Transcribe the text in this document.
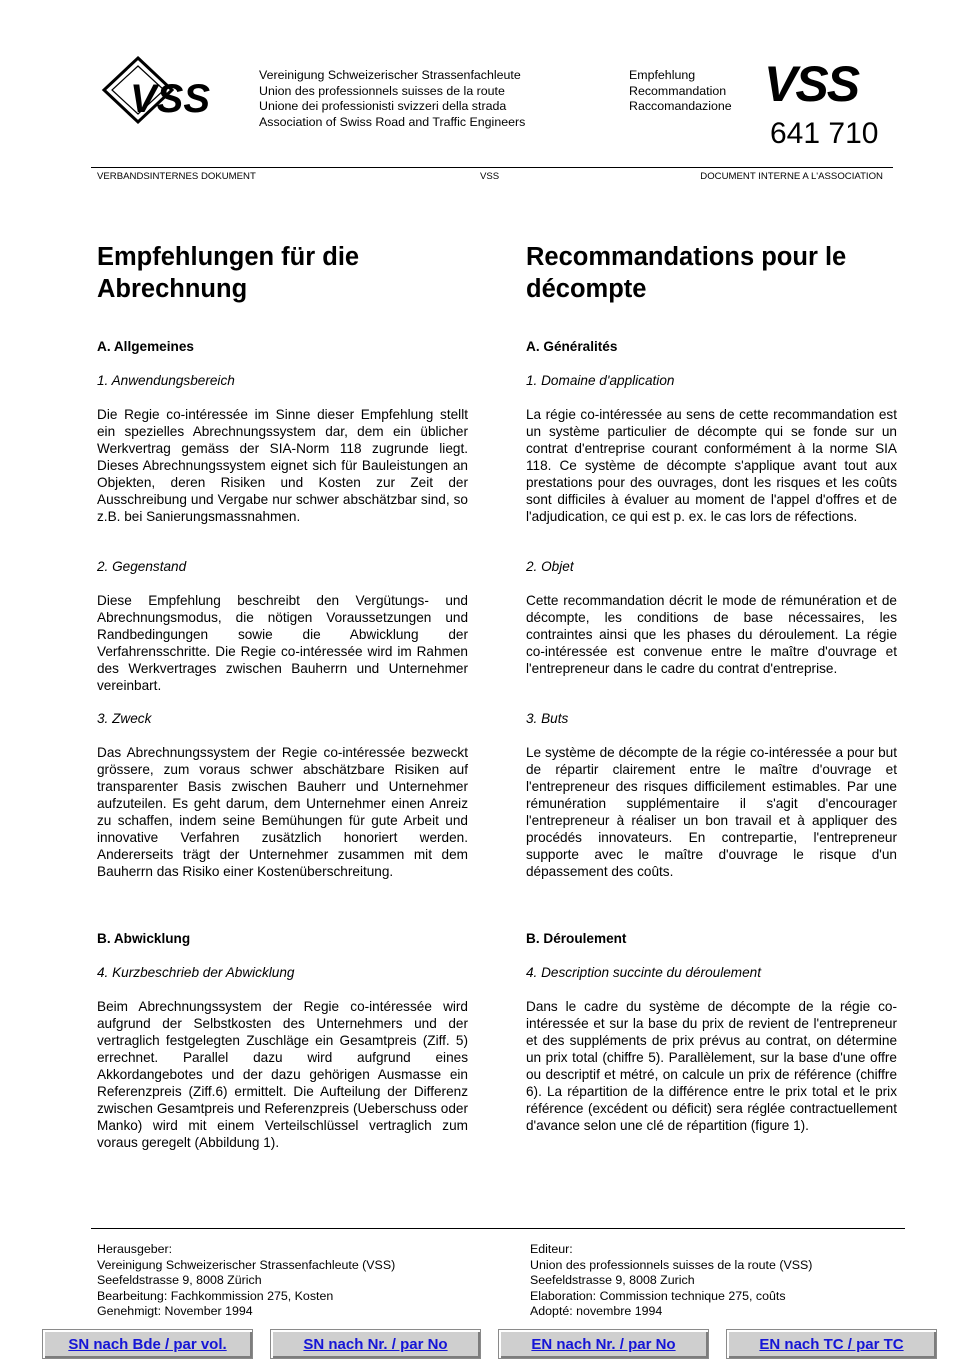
VSS
Vereinigung Schweizerischer Strassenfachleute
Union des professionnels suisses de la route
Unione dei professionisti svizzeri della strada
Association of Swiss Road and Traffic Engineers
Empfehlung
Recommandation
Raccomandazione VSS
641 710
VERBANDSINTERNES DOKUMENT	VSS	DOCUMENT INTERNE A L'ASSOCIATION
Empfehlungen für die
Abrechnung
A. Allgemeines
1. Anwendungsbereich
Die Regie co-intéressée im Sinne dieser Empfehlung stellt ein spezielles Abrechnungssystem dar, dem ein üblicher Werkvertrag gemäss der SIA-Norm 118 zugrunde liegt. Dieses Abrechnungssystem eignet sich für Bauleistungen an Objekten, deren Risiken und Kosten zur Zeit der Ausschreibung und Vergabe nur schwer abschätzbar sind, so z.B. bei Sanierungsmassnahmen.
2. Gegenstand
Diese Empfehlung beschreibt den Vergütungs- und Abrechnungsmodus, die nötigen Voraussetzungen und Randbedingungen sowie die Abwicklung der Verfahrensschritte. Die Regie co-intéressée wird im Rahmen des Werkvertrages zwischen Bauherrn und Unternehmer vereinbart.
3. Zweck
Das Abrechnungssystem der Regie co-intéressée bezweckt grössere, zum voraus schwer abschätzbare Risiken auf transparenter Basis zwischen Bauherr und Unternehmer aufzuteilen. Es geht darum, dem Unternehmer einen Anreiz zu schaffen, indem seine Bemühungen für gute Arbeit und innovative Verfahren zusätzlich honoriert werden. Andererseits trägt der Unternehmer zusammen mit dem Bauherrn das Risiko einer Kostenüberschreitung.
B. Abwicklung
4. Kurzbeschrieb der Abwicklung
Beim Abrechnungssystem der Regie co-intéressée wird aufgrund der Selbstkosten des Unternehmers und der vertraglich festgelegten Zuschläge ein Gesamtpreis (Ziff. 5) errechnet. Parallel dazu wird aufgrund eines Akkordangebotes und der dazu gehörigen Ausmasse ein Referenzpreis (Ziff.6) ermittelt. Die Aufteilung der Differenz zwischen Gesamtpreis und Referenzpreis (Ueberschuss oder Manko) wird mit einem Verteilschlüssel vertraglich zum voraus geregelt (Abbildung 1).
Recommandations pour le
décompte
A. Généralités
1. Domaine d'application
La régie co-intéressée au sens de cette recommandation est un système particulier de décompte qui se fonde sur un contrat d'entreprise courant conformément à la norme SIA 118. Ce système de décompte s'applique avant tout aux prestations pour des ouvrages, dont les risques et les coûts sont difficiles à évaluer au moment de l'appel d'offres et de l'adjudication, ce qui est p. ex. le cas lors de réfections.
2. Objet
Cette recommandation décrit le mode de rémunération et de décompte, les conditions de base nécessaires, les contraintes ainsi que les phases du déroulement. La régie co-intéressée est convenue entre le maître d'ouvrage et l'entrepreneur dans le cadre du contrat d'entreprise.
3. Buts
Le système de décompte de la régie co-intéressée a pour but de répartir clairement entre le maître d'ouvrage et l'entrepreneur des risques difficilement estimables. Par une rémunération supplémentaire il s'agit d'encourager l'entrepreneur à réaliser un bon travail et à appliquer des procédés innovateurs. En contrepartie, l'entrepreneur supporte avec le maître d'ouvrage le risque d'un dépassement des coûts.
B. Déroulement
4. Description succinte du déroulement
Dans le cadre du système de décompte de la régie co-intéressée et sur la base du prix de revient de l'entrepreneur et des suppléments de prix prévus au contrat, on détermine un prix total (chiffre 5). Parallèlement, sur la base d'une offre ou descriptif et métré, on calcule un prix de référence (chiffre 6). La répartition de la différence entre le prix total et le prix référence (excédent ou déficit) sera réglée contractuellement d'avance selon une clé de répartition (figure 1).
Herausgeber:
Vereinigung Schweizerischer Strassenfachleute (VSS)
Seefeldstrasse 9, 8008 Zürich
Bearbeitung: Fachkommission 275, Kosten
Genehmigt: November 1994
Editeur:
Union des professionnels suisses de la route (VSS)
Seefeldstrasse 9, 8008 Zurich
Elaboration: Commission technique 275, coûts
Adopté: novembre 1994
SN nach Bde / par vol.	SN nach Nr. / par No	EN nach Nr. / par No	EN nach TC / par TC
